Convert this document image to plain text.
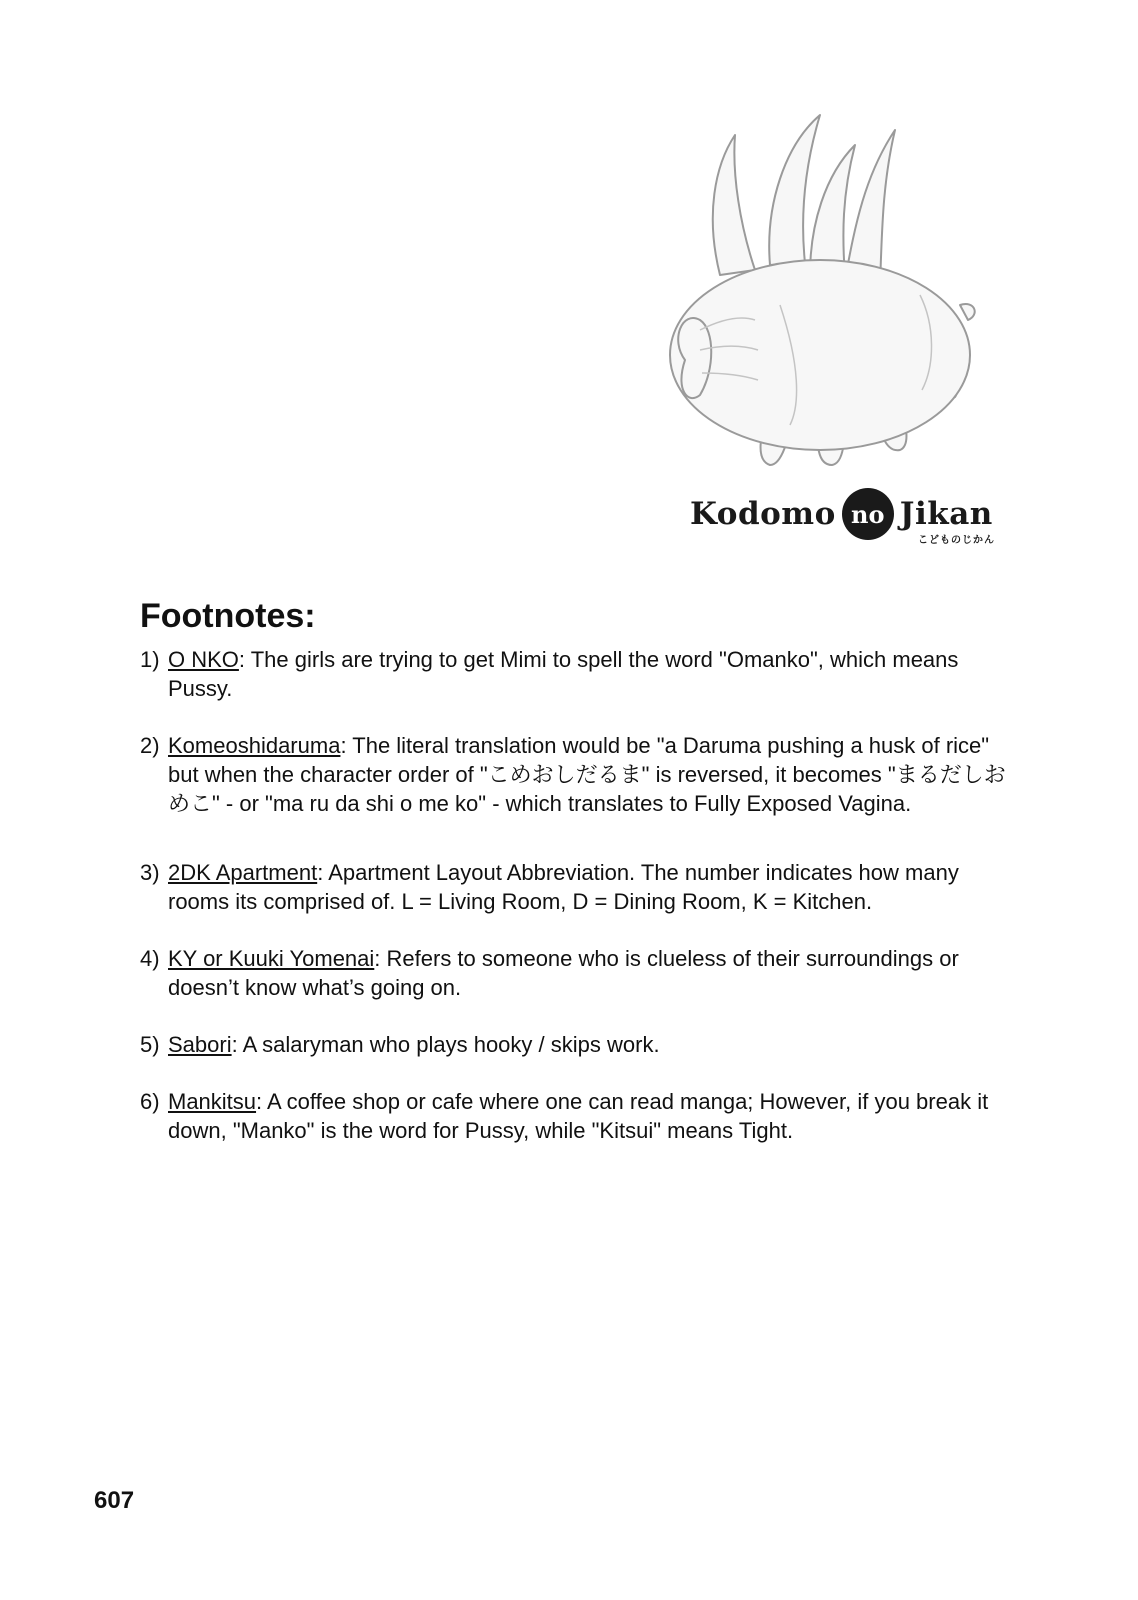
Kodomo no Jikan
こどものじかん
Footnotes:

1) O NKO: The girls are trying to get Mimi to spell the word "Omanko", which means Pussy.

2) Komeoshidaruma: The literal translation would be "a Daruma pushing a husk of rice" but when the character order of "こめおしだるま" is reversed, it becomes "まるだしおめこ" - or "ma ru da shi o me ko" - which translates to Fully Exposed Vagina.

3) 2DK Apartment: Apartment Layout Abbreviation. The number indicates how many rooms its comprised of. L = Living Room, D = Dining Room, K = Kitchen.

4) KY or Kuuki Yomenai: Refers to someone who is clueless of their surroundings or doesn’t know what’s going on.

5) Sabori: A salaryman who plays hooky / skips work.

6) Mankitsu: A coffee shop or cafe where one can read manga; However, if you break it down, "Manko" is the word for Pussy, while "Kitsui" means Tight.

607
